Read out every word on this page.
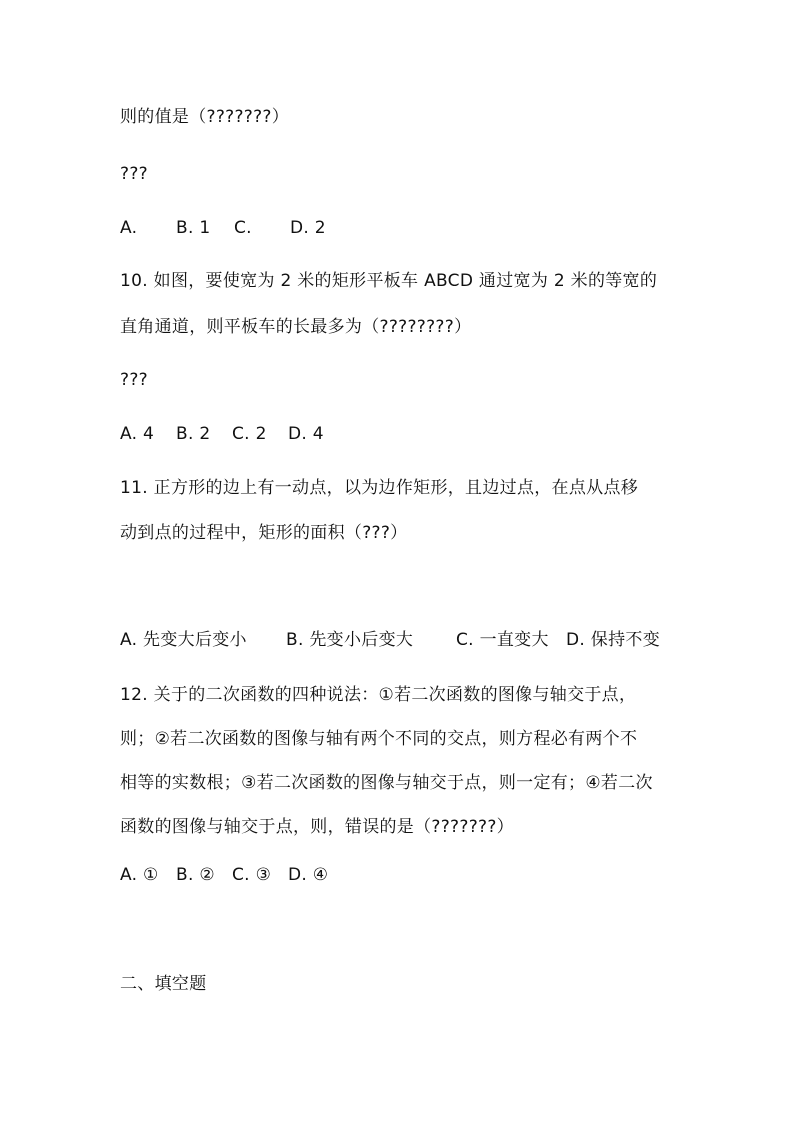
则的值是（???????）
???
A. B. 1 C. D. 2
10. 如图，要使宽为 2 米的矩形平板车 ABCD 通过宽为 2 米的等宽的
直角通道，则平板车的长最多为（????????）
???
A. 4 B. 2 C. 2 D. 4
11. 正方形的边上有一动点，以为边作矩形，且边过点，在点从点移
动到点的过程中，矩形的面积（???）
A. 先变大后变小 B. 先变小后变大	C. 一直变大 D. 保持不变
12. 关于的二次函数的四种说法：①若二次函数的图像与轴交于点，
则；②若二次函数的图像与轴有两个不同的交点，则方程必有两个不
相等的实数根；③若二次函数的图像与轴交于点，则一定有；④若二次
函数的图像与轴交于点，则，错误的是（???????）
A. ① B. ② C. ③ D. ④
二、填空题
